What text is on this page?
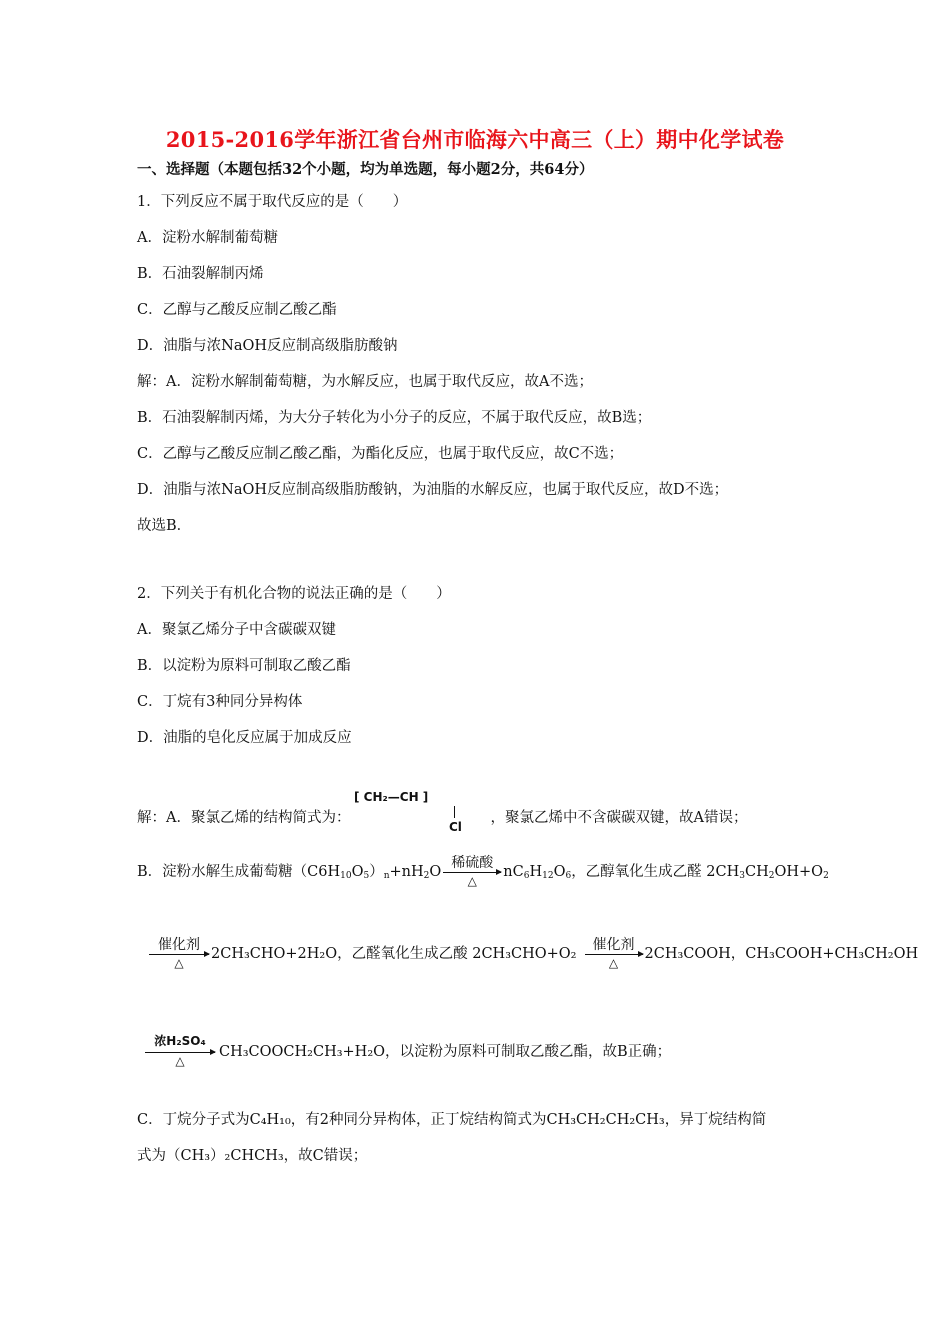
2015-2016学年浙江省台州市临海六中高三（上）期中化学试卷
一、选择题（本题包括32个小题，均为单选题，每小题2分，共64分）
1．下列反应不属于取代反应的是（　　）
A．淀粉水解制葡萄糖
B．石油裂解制丙烯
C．乙醇与乙酸反应制乙酸乙酯
D．油脂与浓NaOH反应制高级脂肪酸钠
解：A．淀粉水解制葡萄糖，为水解反应，也属于取代反应，故A不选；
B．石油裂解制丙烯，为大分子转化为小分子的反应，不属于取代反应，故B选；
C．乙醇与乙酸反应制乙酸乙酯，为酯化反应，也属于取代反应，故C不选；
D．油脂与浓NaOH反应制高级脂肪酸钠，为油脂的水解反应，也属于取代反应，故D不选；
故选B．
2．下列关于有机化合物的说法正确的是（　　）
A．聚氯乙烯分子中含碳碳双键
B．以淀粉为原料可制取乙酸乙酯
C．丁烷有3种同分异构体
D．油脂的皂化反应属于加成反应
[ CH₂—CH ]
Cl
解：A．聚氯乙烯的结构简式为：	，聚氯乙烯中不含碳碳双键，故A错误；
B．淀粉水解生成葡萄糖$(C6H_{10}O_5)_n+nH_2O$
稀硫酸
△
$nC_6H_{12}O_6$，乙醇氧化生成乙醛 $2CH_3CH_2OH+O_2$
催化剂
△
2CH₃CHO+2H₂O，乙醛氧化生成乙酸 2CH₃CHO+O₂
催化剂
△
2CH₃COOH，CH₃COOH+CH₃CH₂OH
浓H₂SO₄
△
CH₃COOCH₂CH₃+H₂O，以淀粉为原料可制取乙酸乙酯，故B正确；
C．丁烷分子式为C₄H₁₀，有2种同分异构体，正丁烷结构简式为CH₃CH₂CH₂CH₃，异丁烷结构简
式为（CH₃）₂CHCH₃，故C错误；
